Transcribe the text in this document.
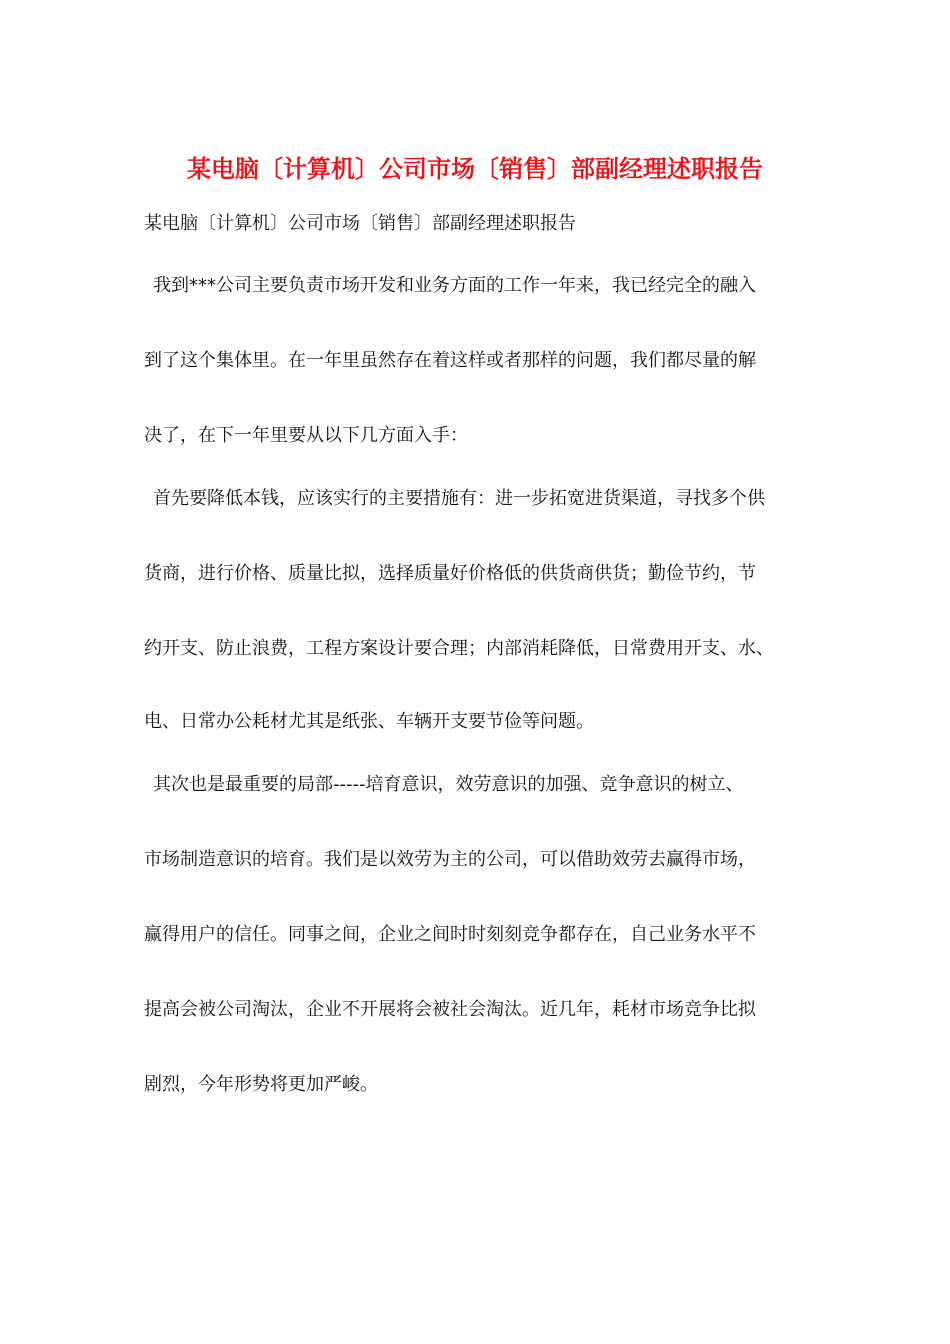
某电脑〔计算机〕公司市场〔销售〕部副经理述职报告
某电脑〔计算机〕公司市场〔销售〕部副经理述职报告
我到***公司主要负责市场开发和业务方面的工作一年来，我已经完全的融入
到了这个集体里。在一年里虽然存在着这样或者那样的问题，我们都尽量的解
决了，在下一年里要从以下几方面入手：
首先要降低本钱，应该实行的主要措施有：进一步拓宽进货渠道，寻找多个供
货商，进行价格、质量比拟，选择质量好价格低的供货商供货；勤俭节约，节
约开支、防止浪费，工程方案设计要合理；内部消耗降低，日常费用开支、水、
电、日常办公耗材尤其是纸张、车辆开支要节俭等问题。
其次也是最重要的局部-----培育意识，效劳意识的加强、竞争意识的树立、
市场制造意识的培育。我们是以效劳为主的公司，可以借助效劳去赢得市场，
赢得用户的信任。同事之间，企业之间时时刻刻竞争都存在，自己业务水平不
提高会被公司淘汰，企业不开展将会被社会淘汰。近几年，耗材市场竞争比拟
剧烈，今年形势将更加严峻。
